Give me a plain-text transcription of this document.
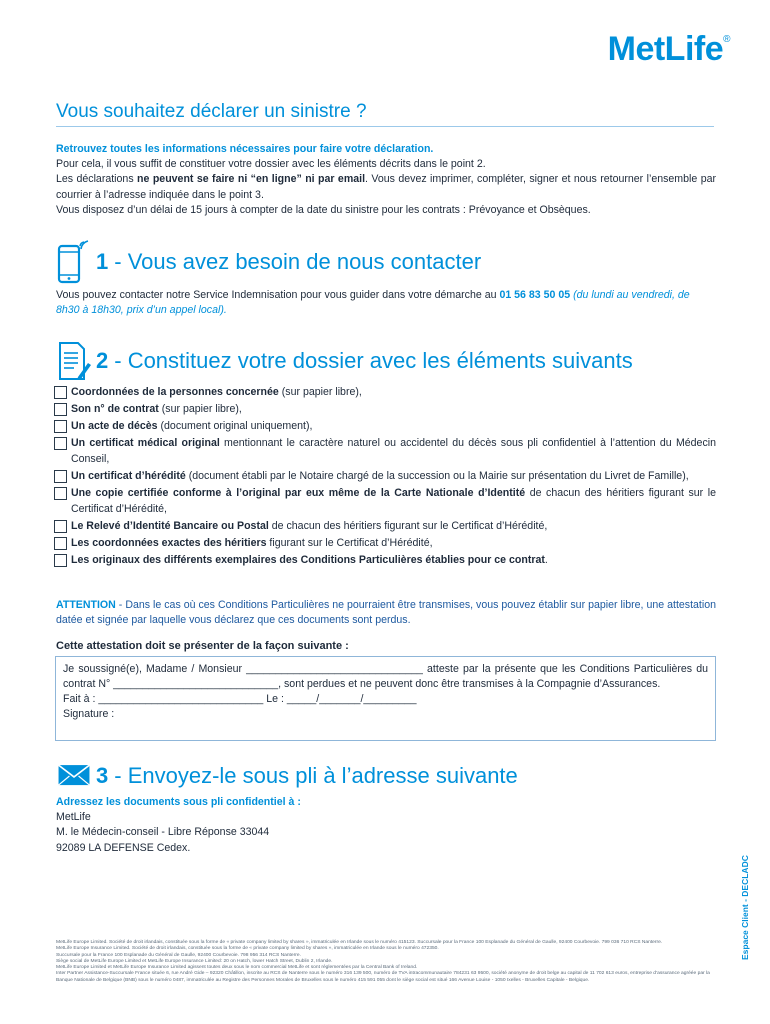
MetLife®
Vous souhaitez déclarer un sinistre ?
Retrouvez toutes les informations nécessaires pour faire votre déclaration.
Pour cela, il vous suffit de constituer votre dossier avec les éléments décrits dans le point 2.
Les déclarations ne peuvent se faire ni “en ligne” ni par email. Vous devez imprimer, compléter, signer et nous retourner l’ensemble par courrier à l’adresse indiquée dans le point 3.
Vous disposez d’un délai de 15 jours à compter de la date du sinistre pour les contrats : Prévoyance et Obsèques.
1 - Vous avez besoin de nous contacter
Vous pouvez contacter notre Service Indemnisation pour vous guider dans votre démarche au 01 56 83 50 05 (du lundi au vendredi, de 8h30 à 18h30, prix d’un appel local).
2 - Constituez votre dossier avec les éléments suivants
Coordonnées de la personnes concernée (sur papier libre),
Son n° de contrat (sur papier libre),
Un acte de décès (document original uniquement),
Un certificat médical original mentionnant le caractère naturel ou accidentel du décès sous pli confidentiel à l’attention du Médecin Conseil,
Un certificat d’hérédité (document établi par le Notaire chargé de la succession ou la Mairie sur présentation du Livret de Famille),
Une copie certifiée conforme à l’original par eux même de la Carte Nationale d’Identité de chacun des héritiers figurant sur le Certificat d’Hérédité,
Le Relevé d’Identité Bancaire ou Postal de chacun des héritiers figurant sur le Certificat d’Hérédité,
Les coordonnées exactes des héritiers figurant sur le Certificat d’Hérédité,
Les originaux des différents exemplaires des Conditions Particulières établies pour ce contrat.
ATTENTION - Dans le cas où ces Conditions Particulières ne pourraient être transmises, vous pouvez établir sur papier libre, une attestation datée et signée par laquelle vous déclarez que ces documents sont perdus.
Cette attestation doit se présenter de la façon suivante :
Je soussigné(e), Madame / Monsieur ______________________________ atteste par la présente que les Conditions Particulières du contrat N° ____________________________, sont perdues et ne peuvent donc être transmises à la Compagnie d’Assurances.
Fait à : ____________________________ Le : _____/_______/_________
Signature :
3 - Envoyez-le sous pli à l’adresse suivante
Adressez les documents sous pli confidentiel à :
MetLife
M. le Médecin-conseil - Libre Réponse 33044
92089 LA DEFENSE Cedex.
MetLife Europe Limited. Société de droit irlandais, constituée sous la forme de « private company limited by shares », immatriculée en Irlande sous le numéro 415123. Succursale pour la France 100 Esplanade du Général de Gaulle, 92400 Courbevoie. 799 036 710 RCS Nanterre.
MetLife Europe Insurance Limited. Société de droit irlandais, constituée sous la forme de « private company limited by shares », immatriculée en Irlande sous le numéro 472350.
Succursale pour la France 100 Esplanade du Général de Gaulle, 92400 Courbevoie. 798 956 314 RCS Nanterre.
Siège social de MetLife Europe Limited et MetLife Europe Insurance Limited: 20 on Hatch, lower Hatch Street, Dublin 2, Irlande.
MetLife Europe Limited et MetLife Europe Insurance Limited agissent toutes deux sous le nom commercial MetLife et sont réglementées par la Central Bank of Ireland.
Inter Partner Assistance-Succursale France située 6, rue André Gide – 92320 Châtillon, inscrite au RCS de Nanterre sous le numéro 316 139 500, numéro de TVA intracommunautaire 784231 63 9500, société anonyme de droit belge au capital de 11 702 613 euros, entreprise d’assurance agréée par la Banque Nationale de Belgique (BNB) sous le numéro 0487, immatriculée au Registre des Personnes Morales de Bruxelles sous le numéro 415 591 055 dont le siège social est situé 166 Avenue Louise - 1050 Ixelles - Bruxelles Capitale - Belgique.
Espace Client - DECLADC
